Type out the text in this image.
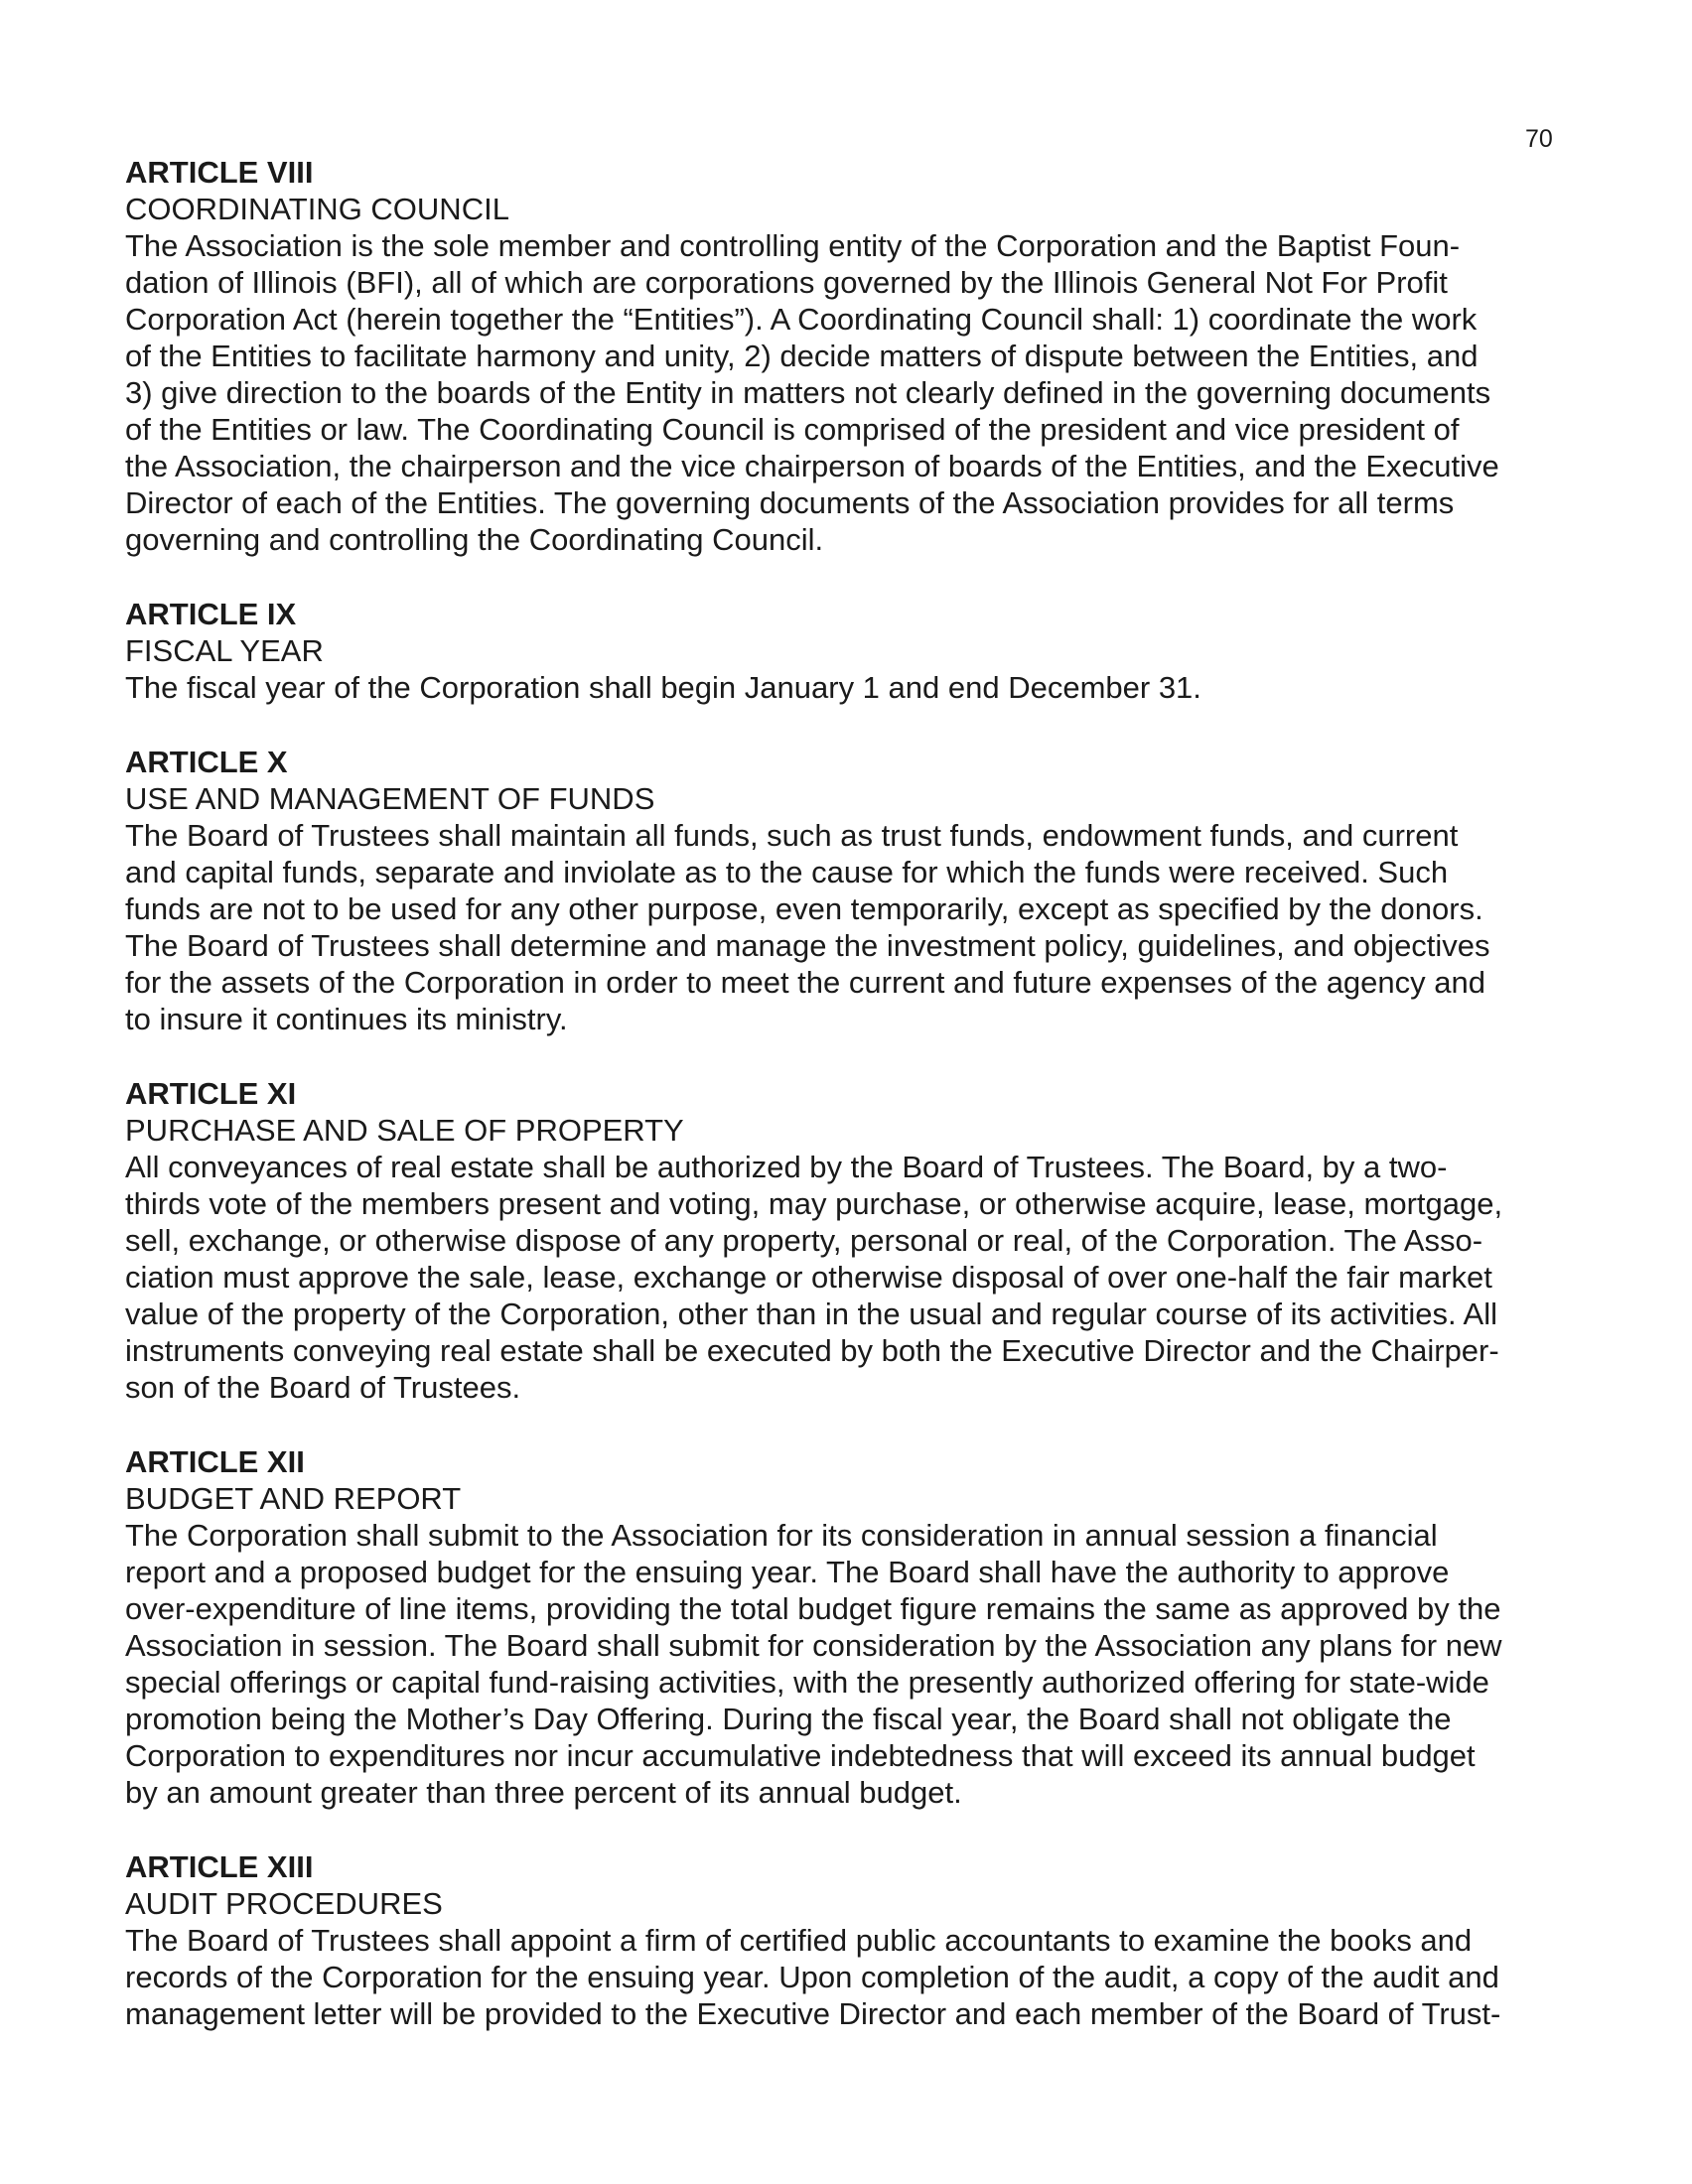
70

ARTICLE VIII

COORDINATING COUNCIL

The Association is the sole member and controlling entity of the Corporation and the Baptist Foun-
dation of Illinois (BFI), all of which are corporations governed by the Illinois General Not For Profit
Corporation Act (herein together the “Entities”). A Coordinating Council shall: 1) coordinate the work
of the Entities to facilitate harmony and unity, 2) decide matters of dispute between the Entities, and
3) give direction to the boards of the Entity in matters not clearly defined in the governing documents
of the Entities or law. The Coordinating Council is comprised of the president and vice president of
the Association, the chairperson and the vice chairperson of boards of the Entities, and the Executive
Director of each of the Entities. The governing documents of the Association provides for all terms
governing and controlling the Coordinating Council.

ARTICLE IX

FISCAL YEAR

The fiscal year of the Corporation shall begin January 1 and end December 31.

ARTICLE X

USE AND MANAGEMENT OF FUNDS

The Board of Trustees shall maintain all funds, such as trust funds, endowment funds, and current
and capital funds, separate and inviolate as to the cause for which the funds were received. Such
funds are not to be used for any other purpose, even temporarily, except as specified by the donors.
The Board of Trustees shall determine and manage the investment policy, guidelines, and objectives
for the assets of the Corporation in order to meet the current and future expenses of the agency and
to insure it continues its ministry.

ARTICLE XI

PURCHASE AND SALE OF PROPERTY

All conveyances of real estate shall be authorized by the Board of Trustees. The Board, by a two-
thirds vote of the members present and voting, may purchase, or otherwise acquire, lease, mortgage,
sell, exchange, or otherwise dispose of any property, personal or real, of the Corporation. The Asso-
ciation must approve the sale, lease, exchange or otherwise disposal of over one-half the fair market
value of the property of the Corporation, other than in the usual and regular course of its activities. All
instruments conveying real estate shall be executed by both the Executive Director and the Chairper-
son of the Board of Trustees.

ARTICLE XII

BUDGET AND REPORT

The Corporation shall submit to the Association for its consideration in annual session a financial
report and a proposed budget for the ensuing year. The Board shall have the authority to approve
over-expenditure of line items, providing the total budget figure remains the same as approved by the
Association in session. The Board shall submit for consideration by the Association any plans for new
special offerings or capital fund-raising activities, with the presently authorized offering for state-wide
promotion being the Mother’s Day Offering. During the fiscal year, the Board shall not obligate the
Corporation to expenditures nor incur accumulative indebtedness that will exceed its annual budget
by an amount greater than three percent of its annual budget.

ARTICLE XIII

AUDIT PROCEDURES

The Board of Trustees shall appoint a firm of certified public accountants to examine the books and
records of the Corporation for the ensuing year. Upon completion of the audit, a copy of the audit and
management letter will be provided to the Executive Director and each member of the Board of Trust-
